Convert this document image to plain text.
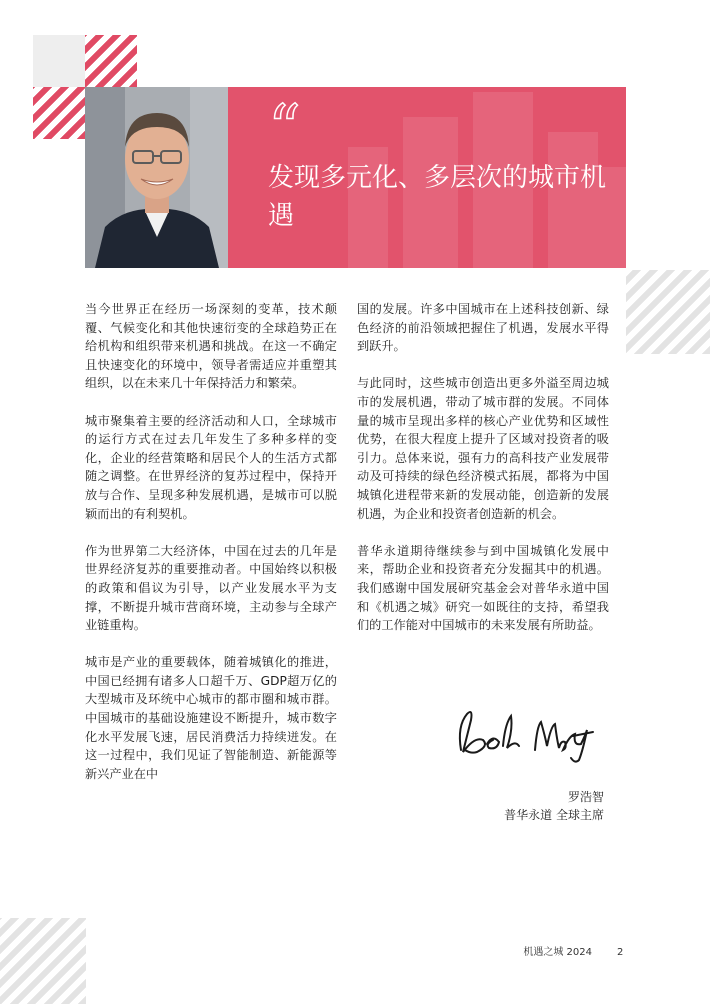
“
发现多元化、多层次的城市机遇

当今世界正在经历一场深刻的变革，技术颠覆、气候变化和其他快速衍变的全球趋势正在给机构和组织带来机遇和挑战。在这一不确定且快速变化的环境中，领导者需适应并重塑其组织，以在未来几十年保持活力和繁荣。

城市聚集着主要的经济活动和人口，全球城市的运行方式在过去几年发生了多种多样的变化，企业的经营策略和居民个人的生活方式都随之调整。在世界经济的复苏过程中，保持开放与合作、呈现多种发展机遇，是城市可以脱颖而出的有利契机。

作为世界第二大经济体，中国在过去的几年是世界经济复苏的重要推动者。中国始终以积极的政策和倡议为引导，以产业发展水平为支撑，不断提升城市营商环境，主动参与全球产业链重构。

城市是产业的重要载体，随着城镇化的推进，中国已经拥有诸多人口超千万、GDP超万亿的大型城市及环统中心城市的都市圈和城市群。中国城市的基础设施建设不断提升，城市数字化水平发展飞速，居民消费活力持续迸发。在这一过程中，我们见证了智能制造、新能源等新兴产业在中

国的发展。许多中国城市在上述科技创新、绿色经济的前沿领域把握住了机遇，发展水平得到跃升。

与此同时，这些城市创造出更多外溢至周边城市的发展机遇，带动了城市群的发展。不同体量的城市呈现出多样的核心产业优势和区域性优势，在很大程度上提升了区域对投资者的吸引力。总体来说，强有力的高科技产业发展带动及可持续的绿色经济模式拓展，都将为中国城镇化进程带来新的发展动能，创造新的发展机遇，为企业和投资者创造新的机会。

普华永道期待继续参与到中国城镇化发展中来，帮助企业和投资者充分发掘其中的机遇。我们感谢中国发展研究基金会对普华永道中国和《机遇之城》研究一如既往的支持，希望我们的工作能对中国城市的未来发展有所助益。

罗浩智
普华永道 全球主席
机遇之城 2024	2
